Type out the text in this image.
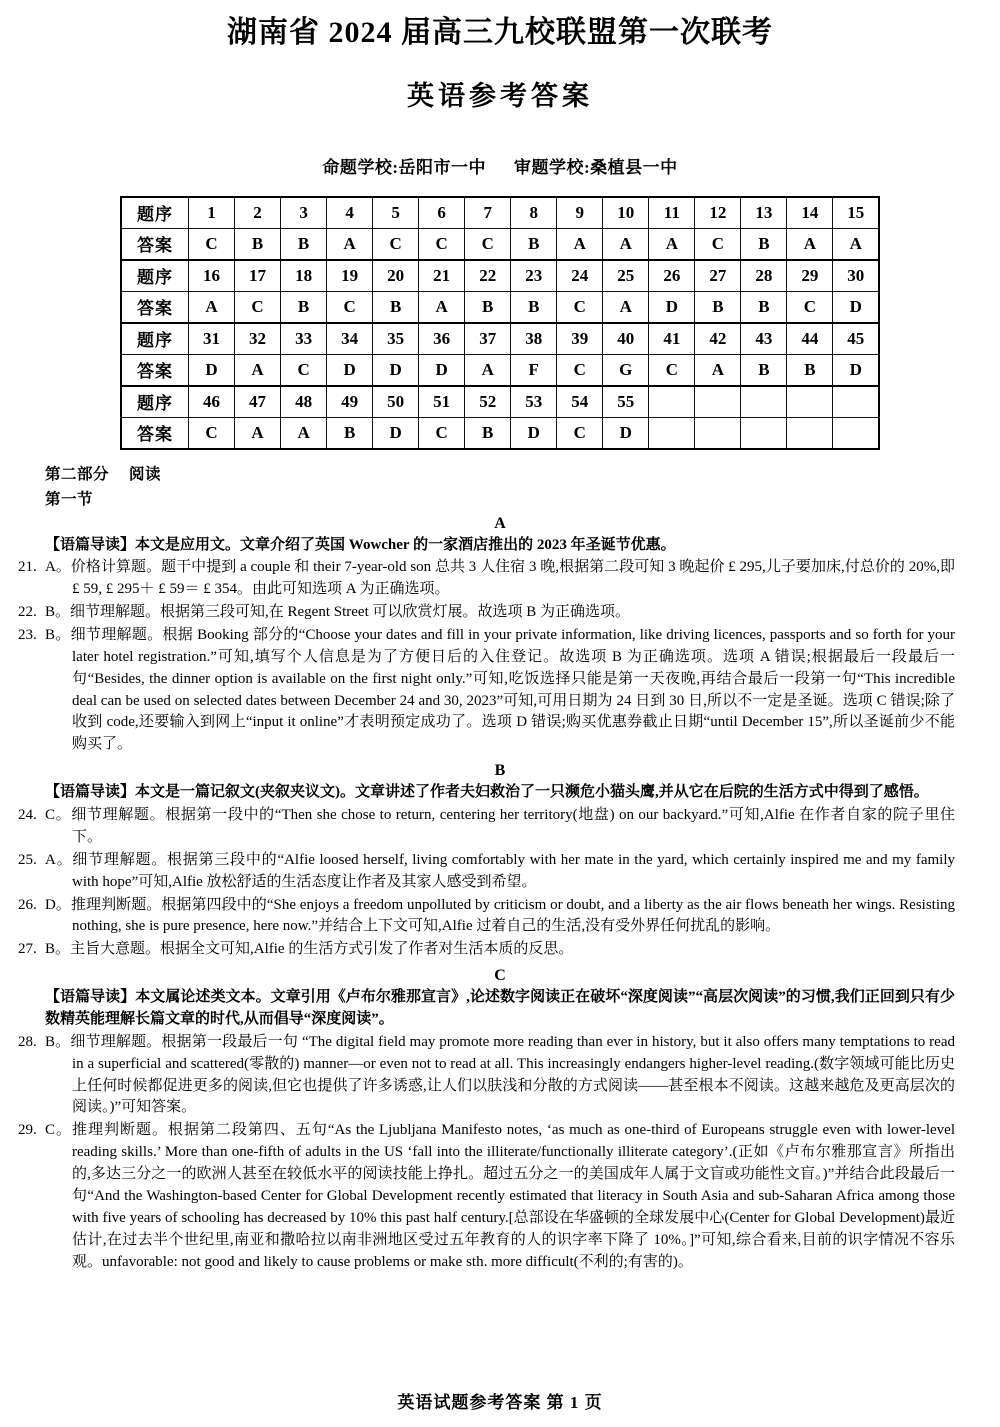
湖南省 2024 届高三九校联盟第一次联考
英语参考答案
命题学校:岳阳市一中 审题学校:桑植县一中
题序	1	2	3	4	5	6	7	8	9	10	11	12	13	14	15
答案	C	B	B	A	C	C	C	B	A	A	A	C	B	A	A
题序	16	17	18	19	20	21	22	23	24	25	26	27	28	29	30
答案	A	C	B	C	B	A	B	B	C	A	D	B	B	C	D
题序	31	32	33	34	35	36	37	38	39	40	41	42	43	44	45
答案	D	A	C	D	D	D	A	F	C	G	C	A	B	B	D
题序	46	47	48	49	50	51	52	53	54	55					
答案	C	A	A	B	D	C	B	D	C	D					
第二部分 阅读
第一节
A
【语篇导读】本文是应用文。文章介绍了英国 Wowcher 的一家酒店推出的 2023 年圣诞节优惠。
21.A。价格计算题。题干中提到 a couple 和 their 7-year-old son 总共 3 人住宿 3 晚,根据第二段可知 3 晚起价 £ 295,儿子要加床,付总价的 20%,即 £ 59, £ 295＋ £ 59＝ £ 354。由此可知选项 A 为正确选项。
22.B。细节理解题。根据第三段可知,在 Regent Street 可以欣赏灯展。故选项 B 为正确选项。
23.B。细节理解题。根据 Booking 部分的“Choose your dates and fill in your private information, like driving licences, passports and so forth for your later hotel registration.”可知,填写个人信息是为了方便日后的入住登记。故选项 B 为正确选项。选项 A 错误;根据最后一段最后一句“Besides, the dinner option is available on the first night only.”可知,吃饭选择只能是第一天夜晚,再结合最后一段第一句“This incredible deal can be used on selected dates between December 24 and 30, 2023”可知,可用日期为 24 日到 30 日,所以不一定是圣诞。选项 C 错误;除了收到 code,还要输入到网上“input it online”才表明预定成功了。选项 D 错误;购买优惠券截止日期“until December 15”,所以圣诞前少不能购买了。
B
【语篇导读】本文是一篇记叙文(夹叙夹议文)。文章讲述了作者夫妇救治了一只濒危小猫头鹰,并从它在后院的生活方式中得到了感悟。
24.C。细节理解题。根据第一段中的“Then she chose to return, centering her territory(地盘) on our backyard.”可知,Alfie 在作者自家的院子里住下。
25.A。细节理解题。根据第三段中的“Alfie loosed herself, living comfortably with her mate in the yard, which certainly inspired me and my family with hope”可知,Alfie 放松舒适的生活态度让作者及其家人感受到希望。
26.D。推理判断题。根据第四段中的“She enjoys a freedom unpolluted by criticism or doubt, and a liberty as the air flows beneath her wings. Resisting nothing, she is pure presence, here now.”并结合上下文可知,Alfie 过着自己的生活,没有受外界任何扰乱的影响。
27.B。主旨大意题。根据全文可知,Alfie 的生活方式引发了作者对生活本质的反思。
C
【语篇导读】本文属论述类文本。文章引用《卢布尔雅那宣言》,论述数字阅读正在破坏“深度阅读”“高层次阅读”的习惯,我们正回到只有少数精英能理解长篇文章的时代,从而倡导“深度阅读”。
28.B。细节理解题。根据第一段最后一句 “The digital field may promote more reading than ever in history, but it also offers many temptations to read in a superficial and scattered(零散的) manner—or even not to read at all. This increasingly endangers higher-level reading.(数字领域可能比历史上任何时候都促进更多的阅读,但它也提供了许多诱惑,让人们以肤浅和分散的方式阅读——甚至根本不阅读。这越来越危及更高层次的阅读。)”可知答案。
29.C。推理判断题。根据第二段第四、五句“As the Ljubljana Manifesto notes, ‘as much as one-third of Europeans struggle even with lower-level reading skills.’ More than one-fifth of adults in the US ‘fall into the illiterate/functionally illiterate category’.(正如《卢布尔雅那宣言》所指出的,多达三分之一的欧洲人甚至在较低水平的阅读技能上挣扎。超过五分之一的美国成年人属于文盲或功能性文盲。)”并结合此段最后一句“And the Washington-based Center for Global Development recently estimated that literacy in South Asia and sub-Saharan Africa among those with five years of schooling has decreased by 10% this past half century.[总部设在华盛顿的全球发展中心(Center for Global Development)最近估计,在过去半个世纪里,南亚和撒哈拉以南非洲地区受过五年教育的人的识字率下降了 10%。]”可知,综合看来,目前的识字情况不容乐观。unfavorable: not good and likely to cause problems or make sth. more difficult(不利的;有害的)。
英语试题参考答案 第 1 页
